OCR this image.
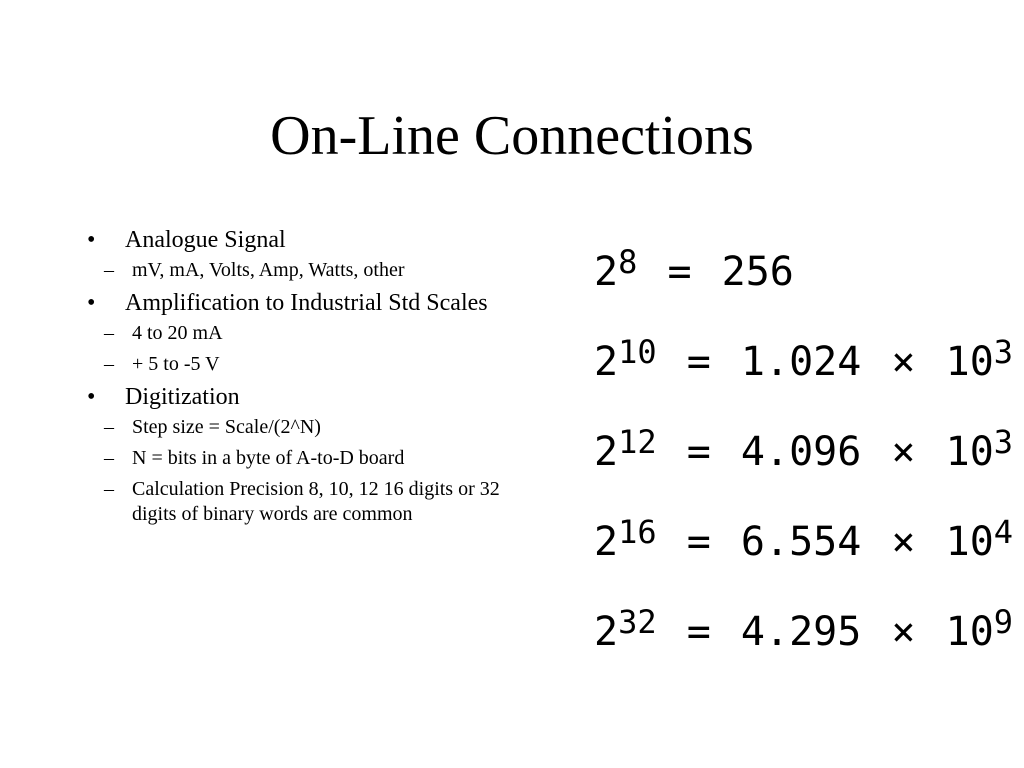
On-Line Connections
• Analogue Signal
– mV, mA, Volts, Amp, Watts, other
• Amplification to Industrial Std Scales
– 4 to 20 mA
– + 5 to -5 V
• Digitization
– Step size = Scale/(2^N)
– N = bits in a byte of A-to-D board
– Calculation Precision 8, 10, 12 16 digits or 32 digits of binary words are common
$2^8 = 256$
$2^{10} = 1.024 \times 10^3$
$2^{12} = 4.096 \times 10^3$
$2^{16} = 6.554 \times 10^4$
$2^{32} = 4.295 \times 10^9$
